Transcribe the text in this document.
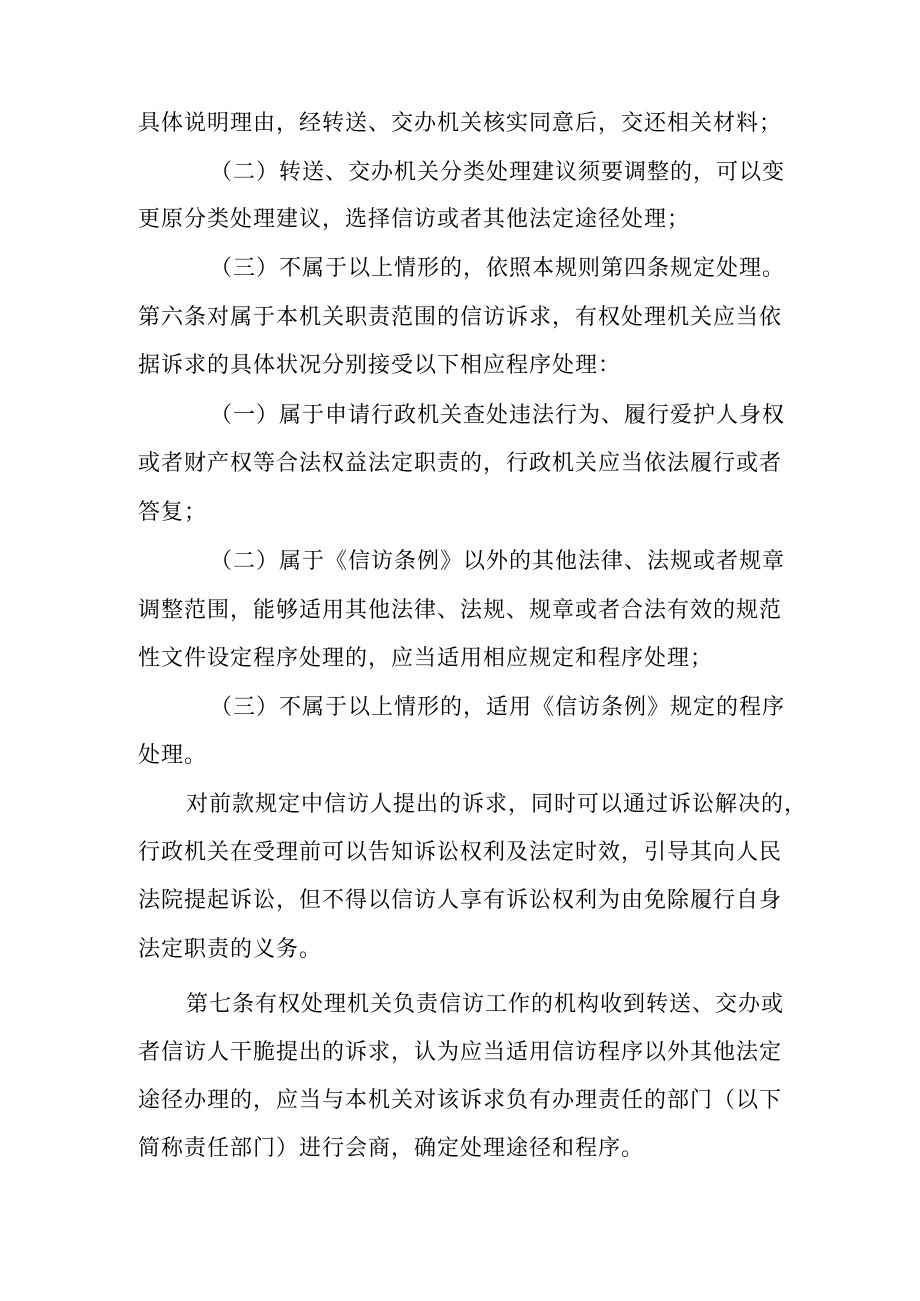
具体说明理由，经转送、交办机关核实同意后，交还相关材料；
（二）转送、交办机关分类处理建议须要调整的，可以变
更原分类处理建议，选择信访或者其他法定途径处理；
（三）不属于以上情形的，依照本规则第四条规定处理。
第六条对属于本机关职责范围的信访诉求，有权处理机关应当依
据诉求的具体状况分别接受以下相应程序处理：
（一）属于申请行政机关查处违法行为、履行爱护人身权
或者财产权等合法权益法定职责的，行政机关应当依法履行或者
答复；
（二）属于《信访条例》以外的其他法律、法规或者规章
调整范围，能够适用其他法律、法规、规章或者合法有效的规范
性文件设定程序处理的，应当适用相应规定和程序处理；
（三）不属于以上情形的，适用《信访条例》规定的程序
处理。
对前款规定中信访人提出的诉求，同时可以通过诉讼解决的，
行政机关在受理前可以告知诉讼权利及法定时效，引导其向人民
法院提起诉讼，但不得以信访人享有诉讼权利为由免除履行自身
法定职责的义务。
第七条有权处理机关负责信访工作的机构收到转送、交办或
者信访人干脆提出的诉求，认为应当适用信访程序以外其他法定
途径办理的，应当与本机关对该诉求负有办理责任的部门（以下
简称责任部门）进行会商，确定处理途径和程序。
